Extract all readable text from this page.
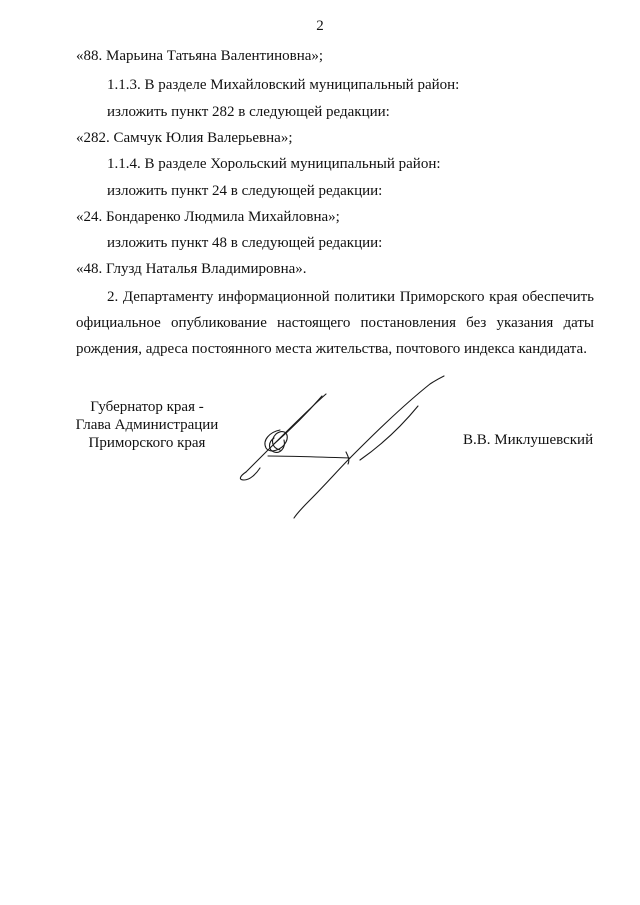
2
«88. Марьина Татьяна Валентиновна»;
1.1.3. В разделе Михайловский муниципальный район:
изложить пункт 282 в следующей редакции:
«282. Самчук Юлия Валерьевна»;
1.1.4. В разделе Хорольский муниципальный район:
изложить пункт 24 в следующей редакции:
«24. Бондаренко Людмила Михайловна»;
изложить пункт 48 в следующей редакции:
«48. Глузд Наталья Владимировна».
2. Департаменту информационной политики Приморского края обеспечить
официальное опубликование настоящего постановления без указания даты
рождения, адреса постоянного места жительства, почтового индекса кандидата.
Губернатор края -
Глава Администрации
Приморского края	В.В. Миклушевский
